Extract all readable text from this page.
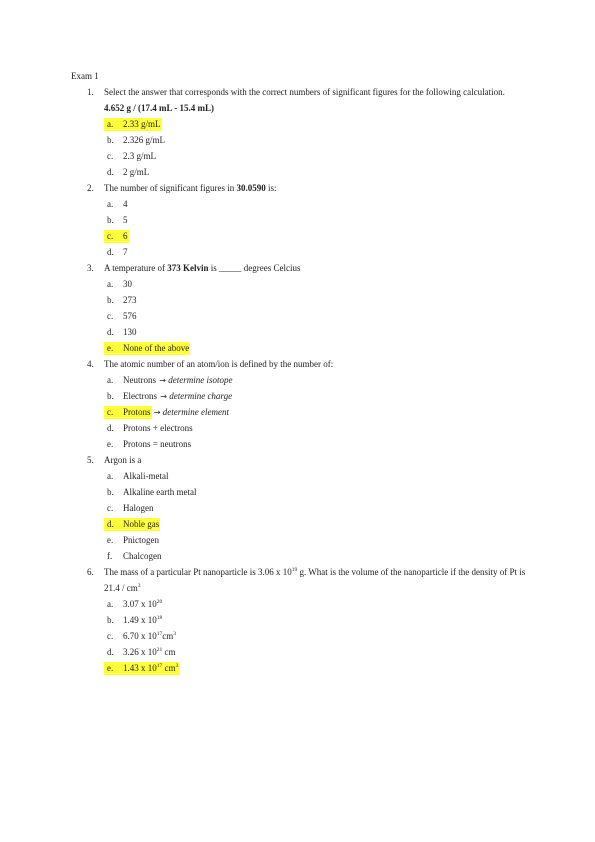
Exam 1
1. Select the answer that corresponds with the correct numbers of significant figures for the following calculation.
4.652 g / (17.4 mL - 15.4 mL)
a. 2.33 g/mL
b. 2.326 g/mL
c. 2.3 g/mL
d. 2 g/mL
2. The number of significant figures in 30.0590 is:
a. 4
b. 5
c. 6
d. 7
3. A temperature of 373 Kelvin is _____ degrees Celcius
a. 30
b. 273
c. 576
d. 130
e. None of the above
4. The atomic number of an atom/ion is defined by the number of:
a. Neutrons → determine isotope
b. Electrons → determine charge
c. Protons → determine element
d. Protons + electrons
e. Protons = neutrons
5. Argon is a
a. Alkali-metal
b. Alkaline earth metal
c. Halogen
d. Noble gas
e. Pnictogen
f. Chalcogen
6. The mass of a particular Pt nanoparticle is 3.06 x $10^{19}$ g. What is the volume of the nanoparticle if the density of Pt is $21.4 / cm^3$
a. 3.07 x $10^{20}$
b. 1.49 x $10^{18}$
c. 6.70 x $10^{17}cm^3$
d. 3.26 x $10^{21}$ cm
e. 1.43 x $10^{17}$ $cm^3$
